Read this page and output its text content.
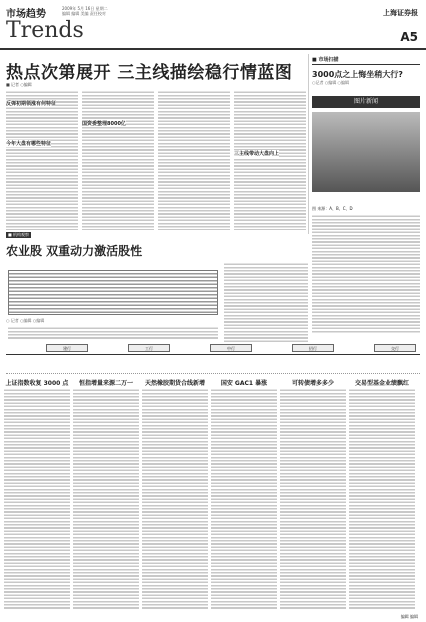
市场趋势
Trends
2009年 5月 16日 星期二
编辑 编辑 美编 责任校对	上海证券报
A5
热点次第展开 三主线描绘稳行情蓝图
■ 记者 ○编辑
反弹初期领涨有何特征
今年大盘有哪些特征
国资委整理8000亿
三主线带动大盘向上
■ 市场扫描
3000点之上悔坐稍大行?
○记者 ○编辑 ○编辑
图片新闻
图 来源：A、B、C、D
■ 机构观察
农业股 双重动力激活股性
○ 记者 ○编辑 ○编辑
建行	工行	中行	招行	交行
上证指数收复 3000 点	恒指增量来源二万一	天然橡胶期货合线新增	国安 GAC1 暴涨	可转债增多多少	交易型基金业绩飘红
编辑 编辑
